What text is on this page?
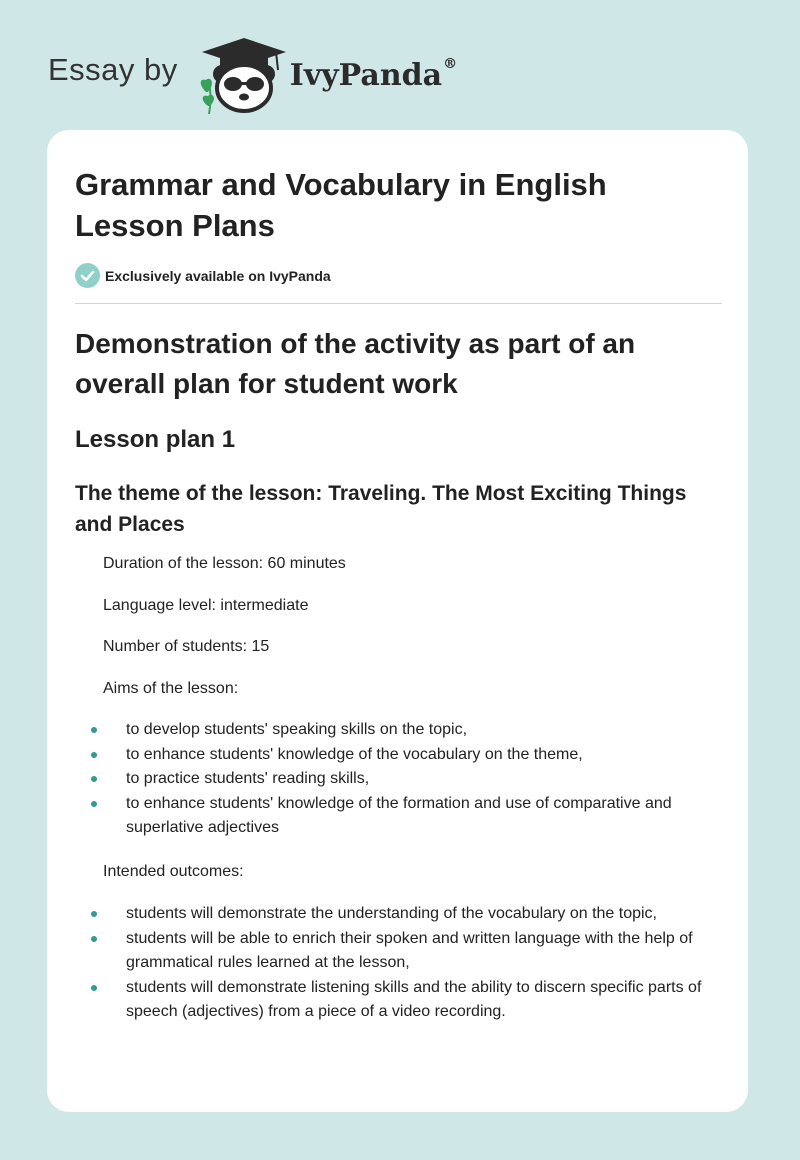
Essay by	IvyPanda®
Grammar and Vocabulary in English Lesson Plans
Exclusively available on IvyPanda
Demonstration of the activity as part of an overall plan for student work
Lesson plan 1
The theme of the lesson: Traveling. The Most Exciting Things and Places

Duration of the lesson: 60 minutes

Language level: intermediate

Number of students: 15

Aims of the lesson:

to develop students' speaking skills on the topic,
to enhance students' knowledge of the vocabulary on the theme,
to practice students' reading skills,
to enhance students' knowledge of the formation and use of comparative and superlative adjectives

Intended outcomes:

students will demonstrate the understanding of the vocabulary on the topic,
students will be able to enrich their spoken and written language with the help of grammatical rules learned at the lesson,
students will demonstrate listening skills and the ability to discern specific parts of speech (adjectives) from a piece of a video recording.
